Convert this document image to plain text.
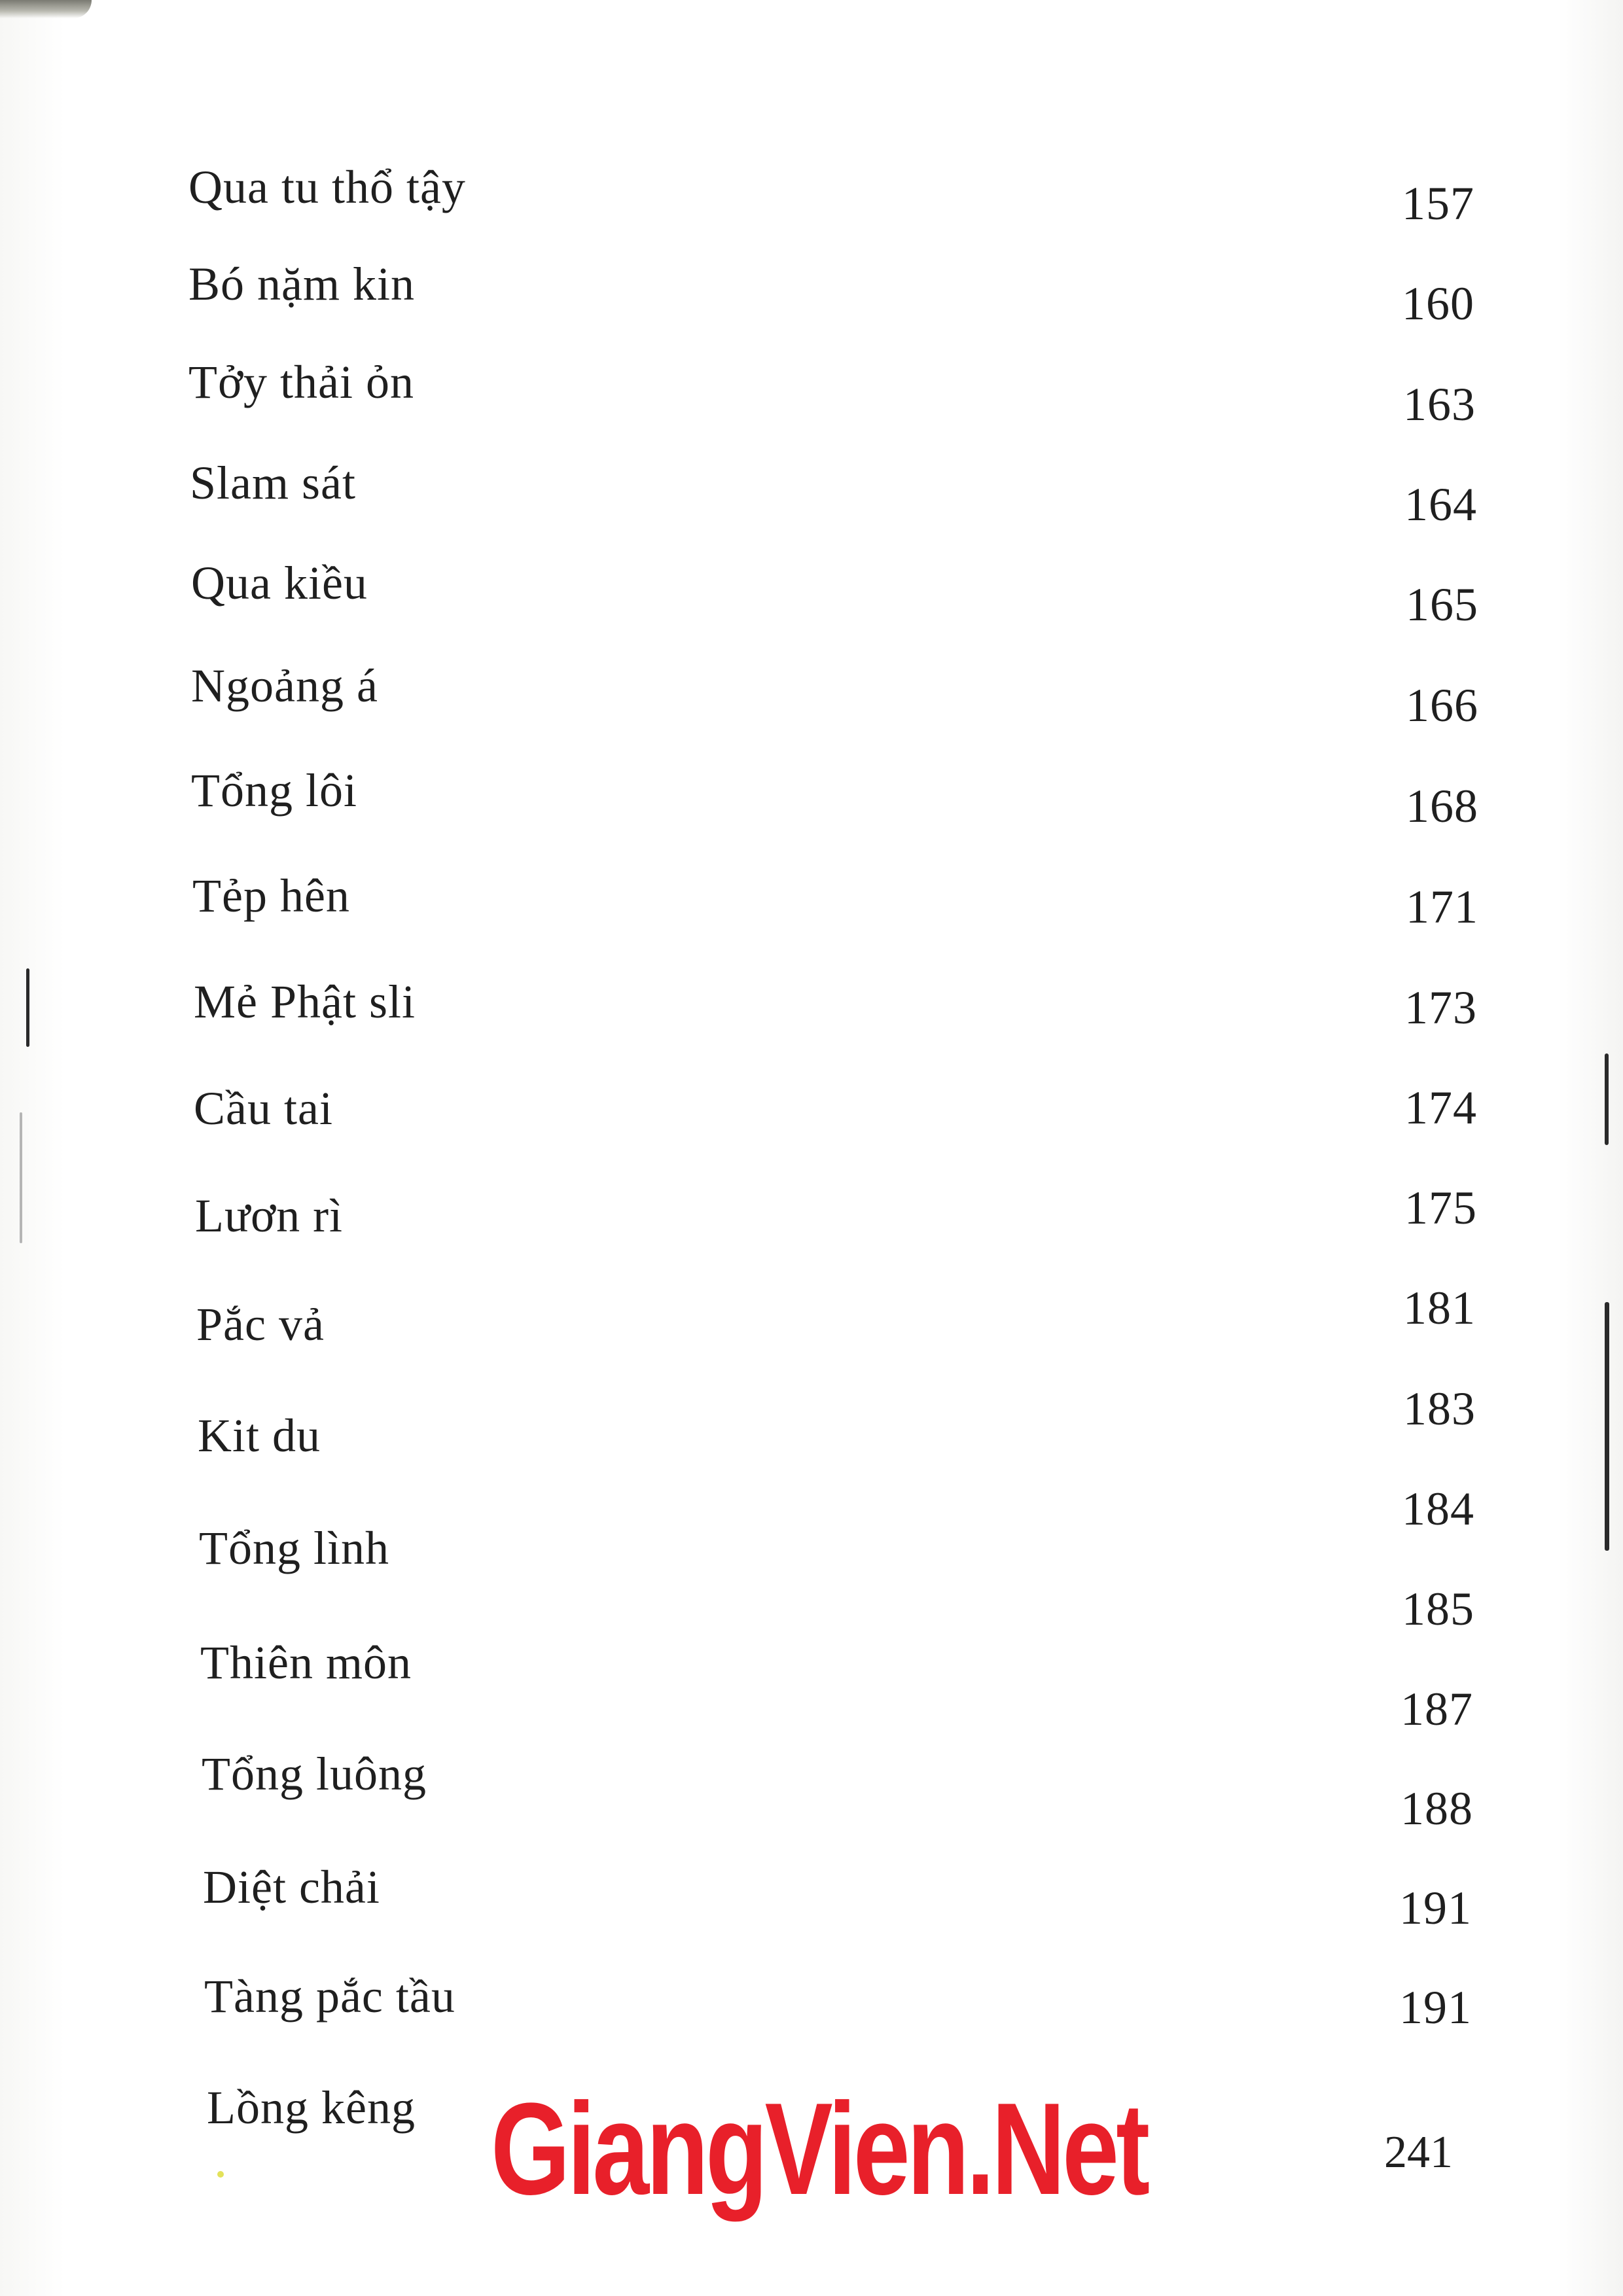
Qua tu thổ tậy
Bó nặm kin
Tởy thải ỏn
Slam sát
Qua kiều
Ngoảng á
Tổng lôi
Tẻp hên
Mẻ Phật sli
Cầu tai
Lươn rì
Pắc vả
Kit du
Tổng lình
Thiên môn
Tổng luông
Diệt chải
Tàng pắc tầu
Lồng kêng
157
160
163
164
165
166
168
171
173
174
175
181
183
184
185
187
188
191
191
GiangVien.Net	241
